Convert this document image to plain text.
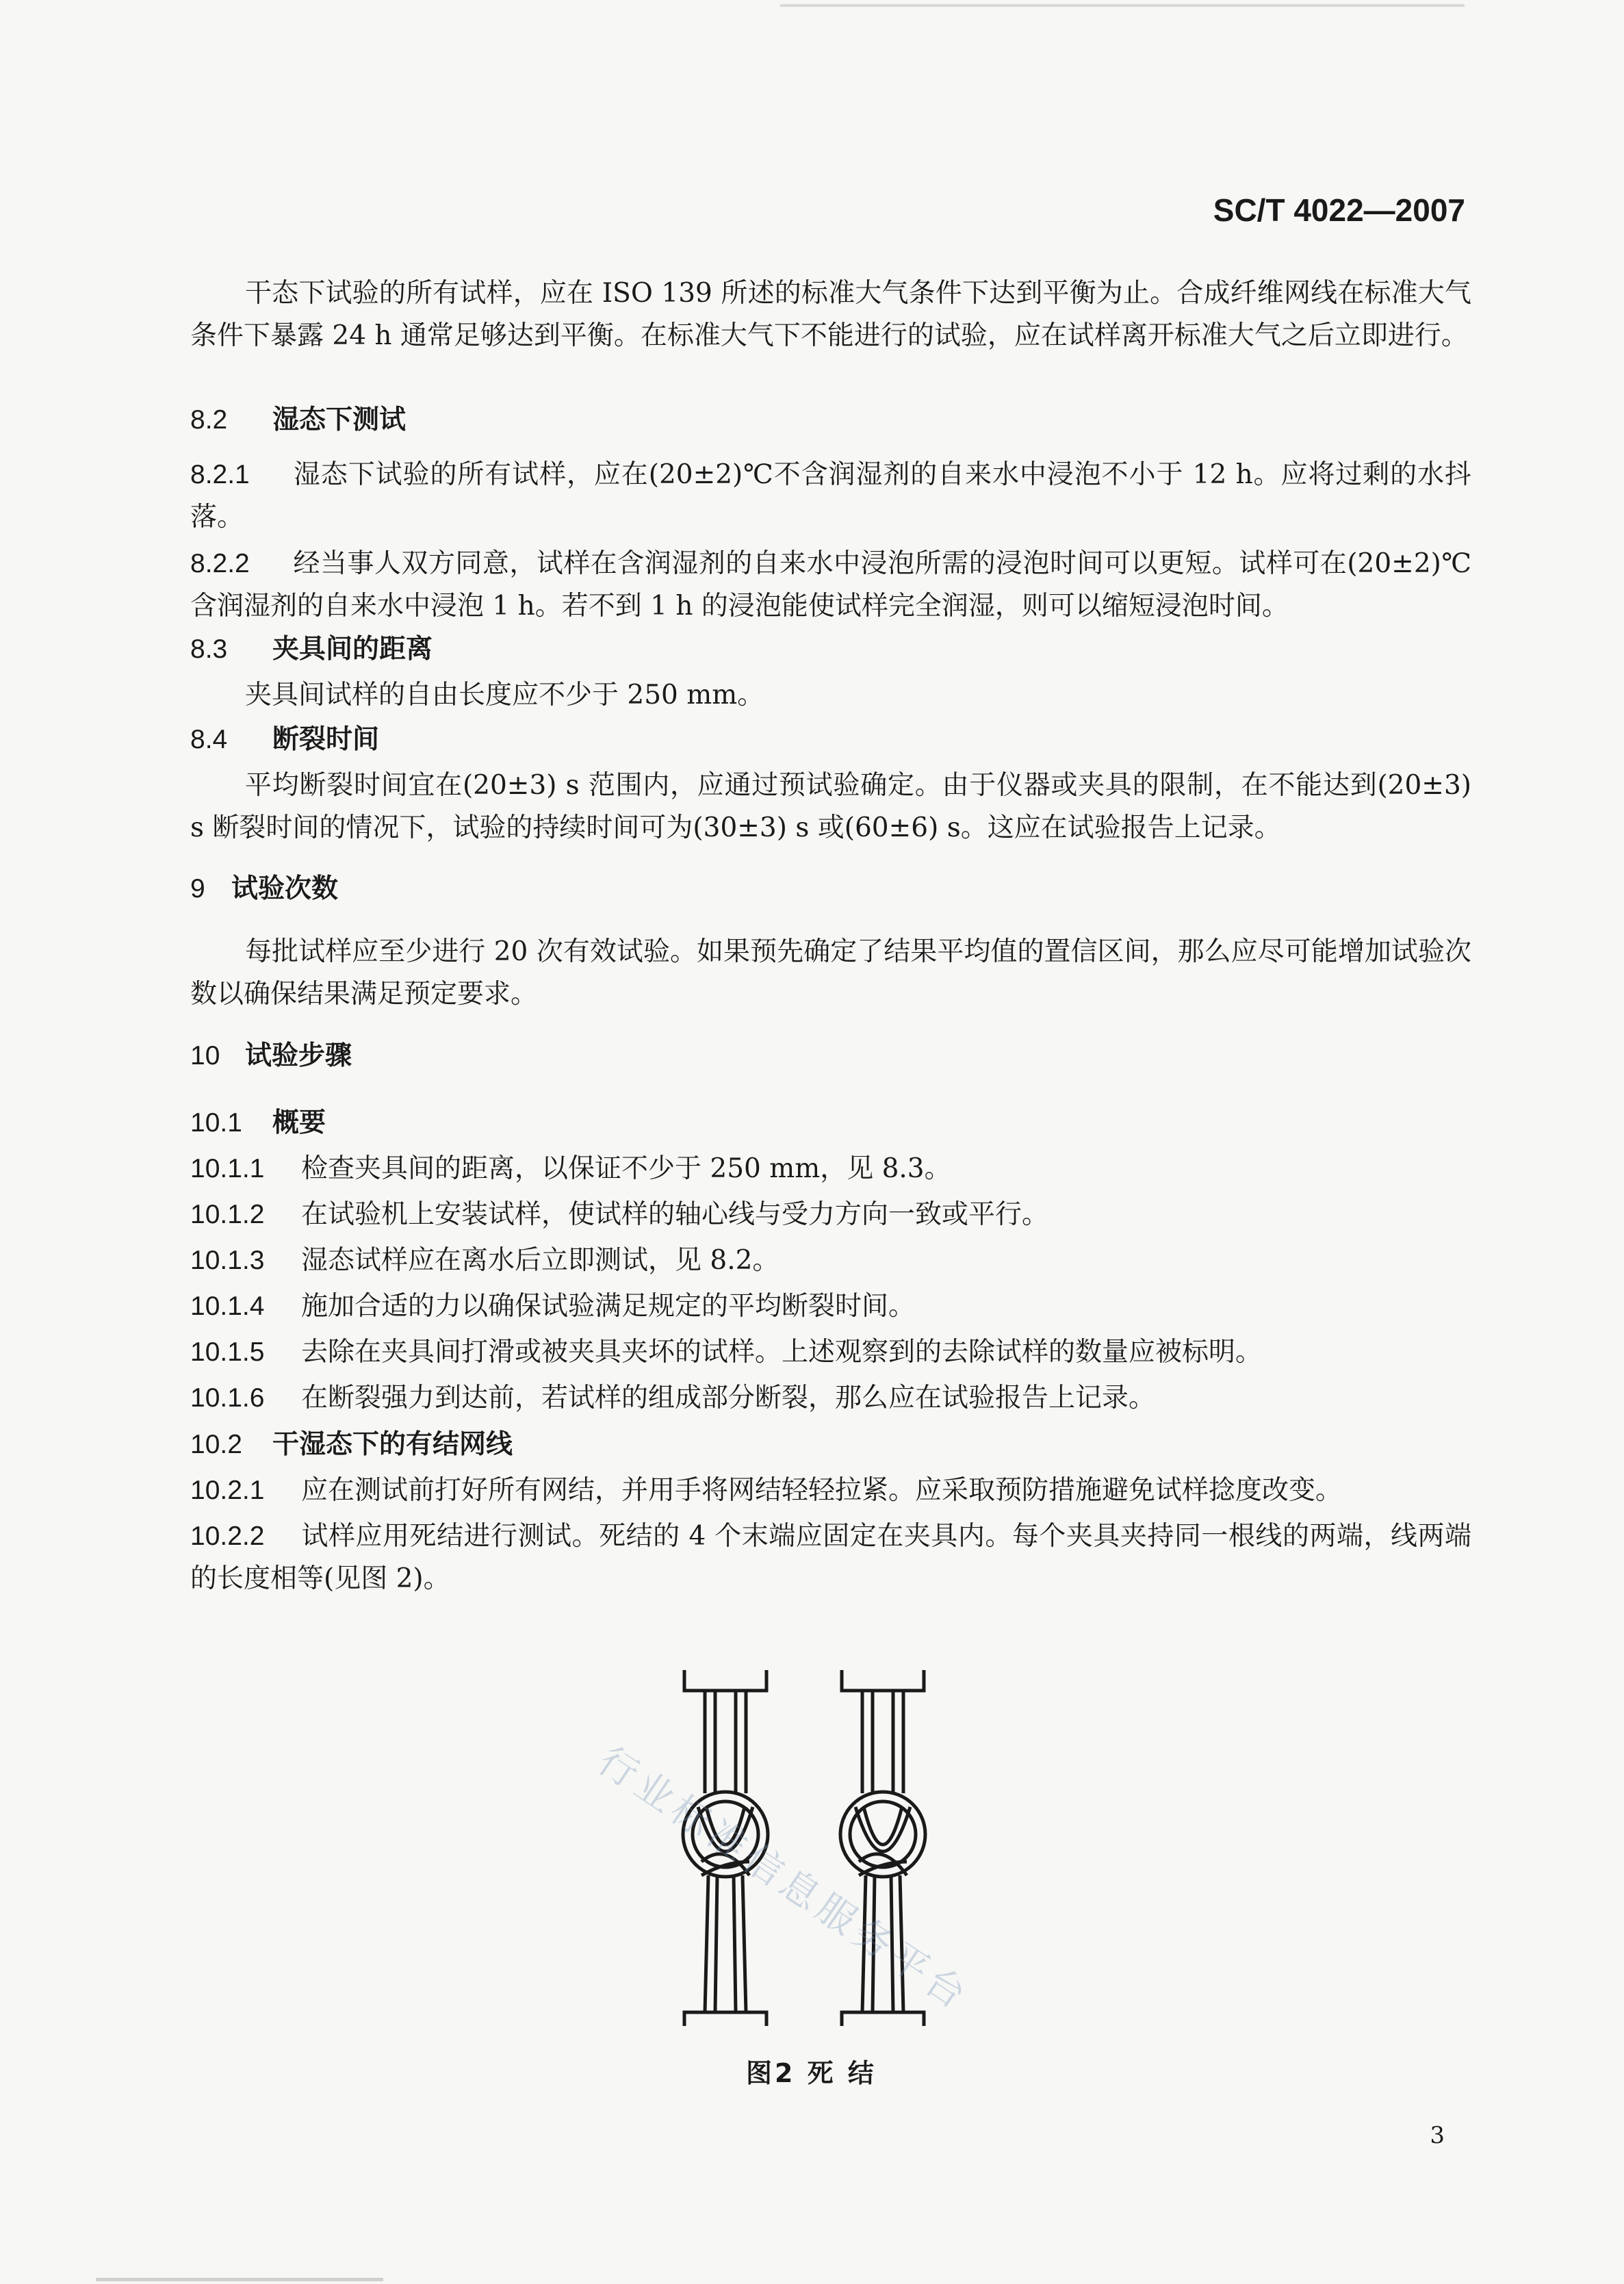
SC/T 4022—2007
干态下试验的所有试样，应在 ISO 139 所述的标准大气条件下达到平衡为止。合成纤维网线在标准大气条件下暴露 24 h 通常足够达到平衡。在标准大气下不能进行的试验，应在试样离开标准大气之后立即进行。
8.2 湿态下测试
8.2.1 湿态下试验的所有试样，应在(20±2)℃不含润湿剂的自来水中浸泡不小于 12 h。应将过剩的水抖落。
8.2.2 经当事人双方同意，试样在含润湿剂的自来水中浸泡所需的浸泡时间可以更短。试样可在(20±2)℃含润湿剂的自来水中浸泡 1 h。若不到 1 h 的浸泡能使试样完全润湿，则可以缩短浸泡时间。
8.3 夹具间的距离
夹具间试样的自由长度应不少于 250 mm。
8.4 断裂时间
平均断裂时间宜在(20±3) s 范围内，应通过预试验确定。由于仪器或夹具的限制，在不能达到(20±3) s 断裂时间的情况下，试验的持续时间可为(30±3) s 或(60±6) s。这应在试验报告上记录。
9 试验次数
每批试样应至少进行 20 次有效试验。如果预先确定了结果平均值的置信区间，那么应尽可能增加试验次数以确保结果满足预定要求。
10 试验步骤
10.1 概要
10.1.1 检查夹具间的距离，以保证不少于 250 mm，见 8.3。
10.1.2 在试验机上安装试样，使试样的轴心线与受力方向一致或平行。
10.1.3 湿态试样应在离水后立即测试，见 8.2。
10.1.4 施加合适的力以确保试验满足规定的平均断裂时间。
10.1.5 去除在夹具间打滑或被夹具夹坏的试样。上述观察到的去除试样的数量应被标明。
10.1.6 在断裂强力到达前，若试样的组成部分断裂，那么应在试验报告上记录。
10.2 干湿态下的有结网线
10.2.1 应在测试前打好所有网结，并用手将网结轻轻拉紧。应采取预防措施避免试样捻度改变。
10.2.2 试样应用死结进行测试。死结的 4 个末端应固定在夹具内。每个夹具夹持同一根线的两端，线两端的长度相等(见图 2)。
行业标准信息服务平台
图2 死 结
3
